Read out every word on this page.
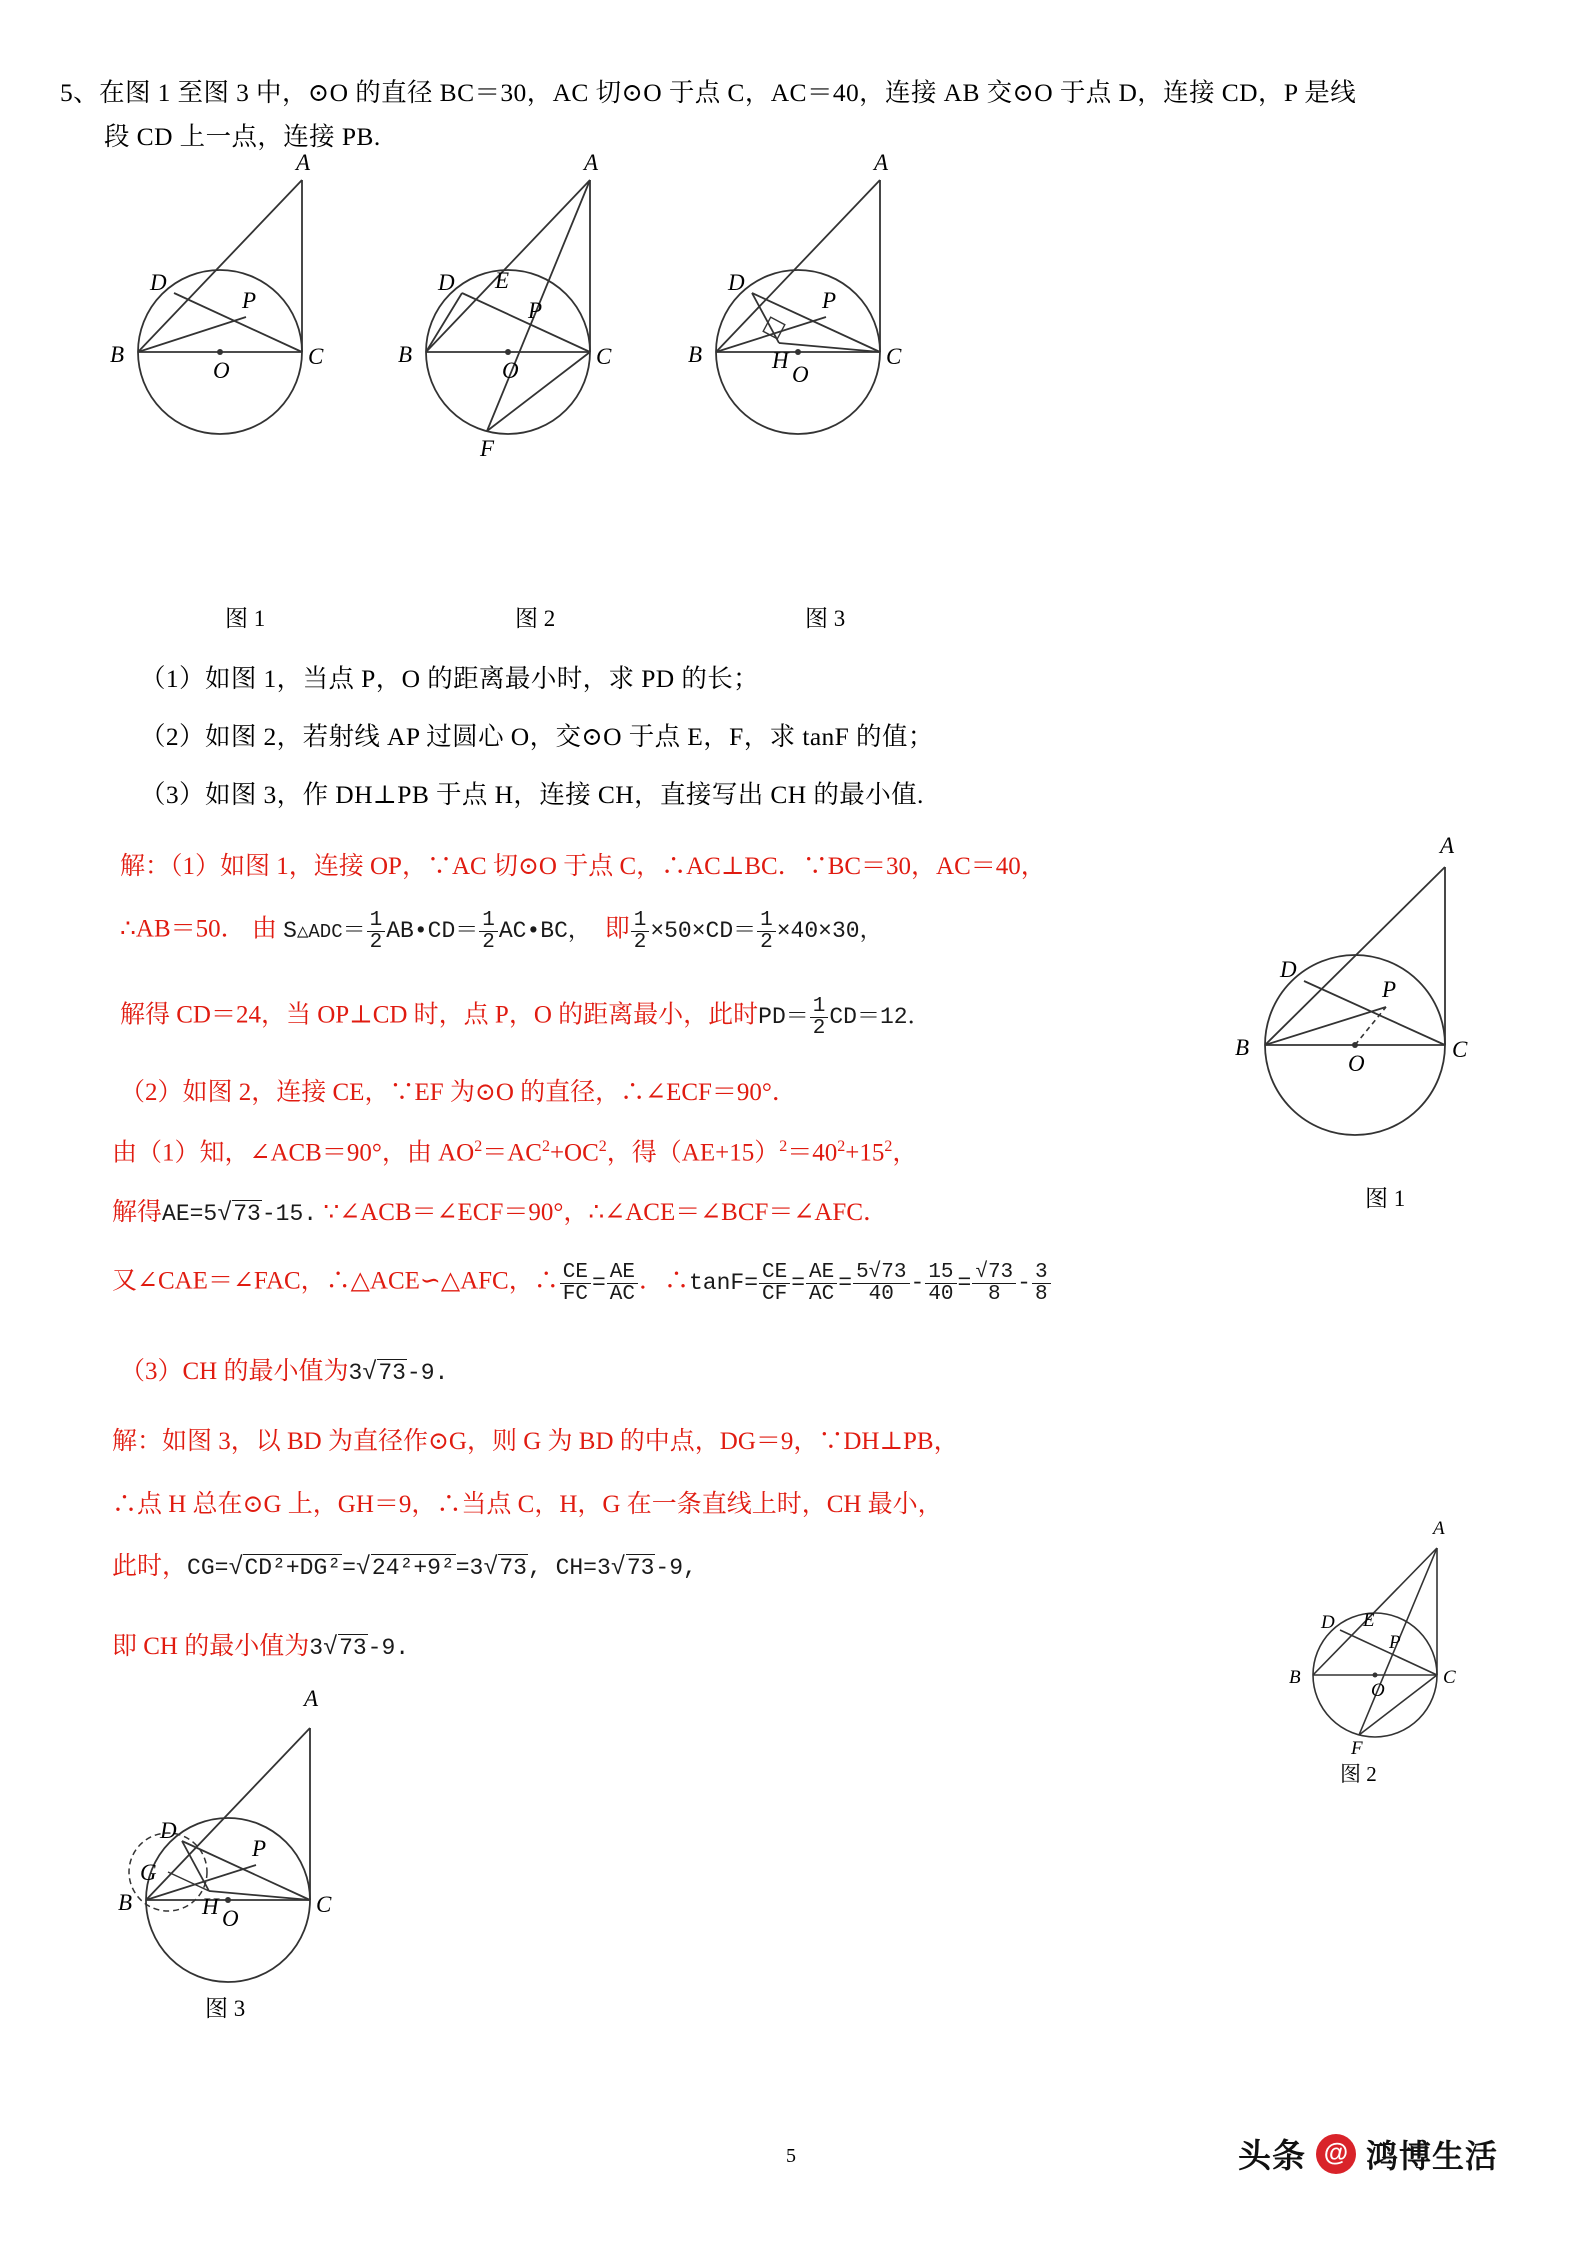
5、在图 1 至图 3 中，⊙O 的直径 BC＝30，AC 切⊙O 于点 C，AC＝40，连接 AB 交⊙O 于点 D，连接 CD，P 是线
段 CD 上一点，连接 PB.
A
B	C
D
O
P
图 1
A
B	C
D E
F
O
P
图 2
A
B	C
D
H
O
P
图 3
（1）如图 1，当点 P，O 的距离最小时，求 PD 的长；
（2）如图 2，若射线 AP 过圆心 O，交⊙O 于点 E，F，求 tanF 的值；
（3）如图 3，作 DH⊥PB 于点 H，连接 CH，直接写出 CH 的最小值.
解：（1）如图 1，连接 OP，∵AC 切⊙O 于点 C，∴AC⊥BC．∵BC＝30，AC＝40，
∴AB＝50． 由 S△ADC＝ $\frac{1}{2}$ AB•CD＝ $\frac{1}{2}$ AC•BC， 即 $\frac{1}{2} \times 50\times CD= \frac{1}{2} \times 40\times 30$，
解得 CD＝24，当 OP⊥CD 时，点 P，O 的距离最小，此时$PD= \frac{1}{2} CD=12$．
（2）如图 2，连接 CE，∵EF 为⊙O 的直径，∴∠ECF＝90°．
由（1）知，∠ACB＝90°，由 $AO^2=AC^2+OC^2$，得$(AE+15)^2=40^2+15^2$，
解得AE=5√73-15. ∵∠ACB＝∠ECF＝90°，∴∠ACE＝∠BCF＝∠AFC．
又∠CAE＝∠FAC，∴△ACE∽△AFC，∴ $\frac{CE}{FC} = \frac{AE}{AC}$ ．∴tanF= $\frac{CE}{CF} = \frac{AE}{AC} = \frac{5√73}{40} - \frac{15}{40} = \frac{√73}{8} - \frac{3}{8}$
（3）CH 的最小值为3√73-9.
解：如图 3，以 BD 为直径作⊙G，则 G 为 BD 的中点，DG＝9，∵DH⊥PB，
∴点 H 总在⊙G 上，GH＝9，∴当点 C，H，G 在一条直线上时，CH 最小，
此时，CG=√CD²+DG²=√24²+9²=3√73, CH=3√73-9,
即 CH 的最小值为3√73-9.
A
B	C
D
O
P
图 1
A
B	C
D E
F
O
P
图 2
A
B	C
D
G
H O
P
图 3
5	头条 @ 鸿博生活
